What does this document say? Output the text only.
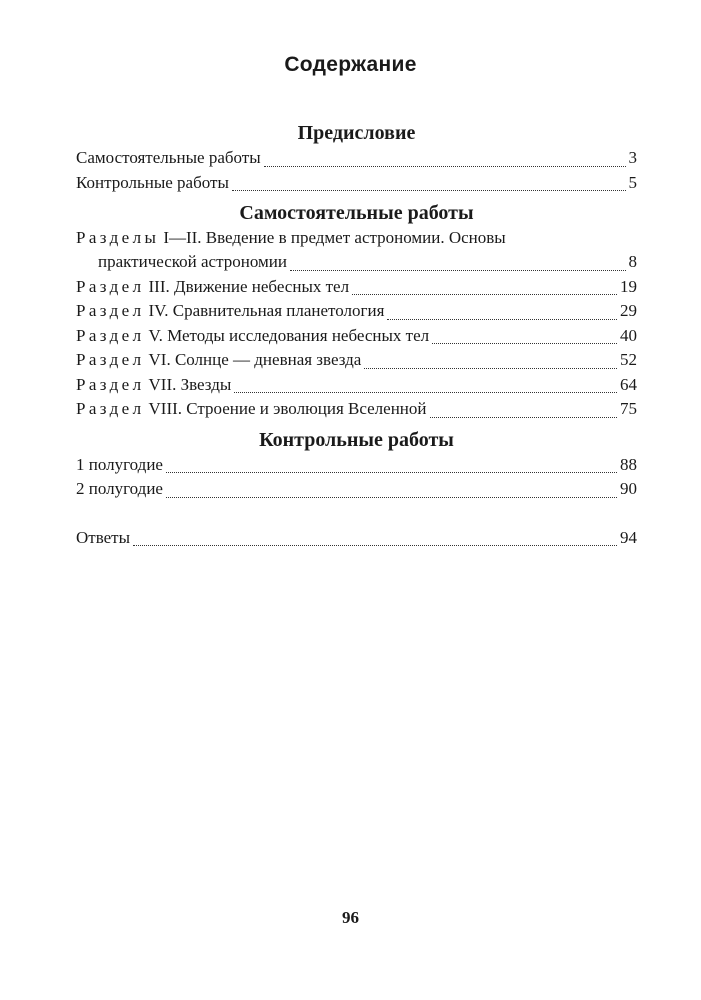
Содержание
Предисловие
Самостоятельные работы	3
Контрольные работы	5
Самостоятельные работы
Разделы I—II. Введение в предмет астрономии. Основы
практической астрономии	8
Раздел III. Движение небесных тел	19
Раздел IV. Сравнительная планетология	29
Раздел V. Методы исследования небесных тел	40
Раздел VI. Солнце — дневная звезда	52
Раздел VII. Звезды	64
Раздел VIII. Строение и эволюция Вселенной	75
Контрольные работы
1 полугодие	88
2 полугодие	90
Ответы	94
96
